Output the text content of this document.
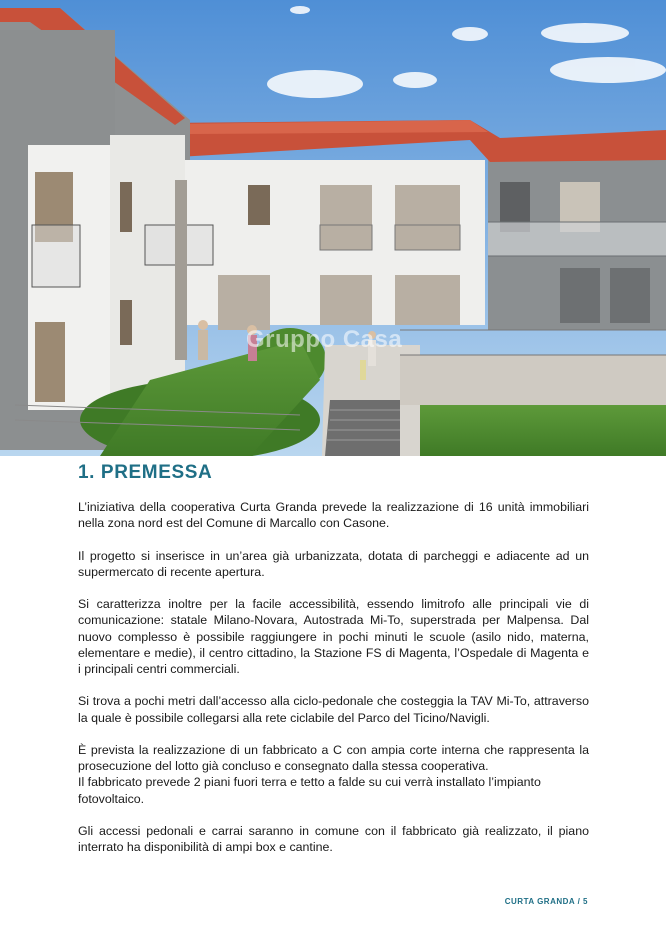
Gruppo Casa
1. PREMESSA

L’iniziativa della cooperativa Curta Granda prevede la realizzazione di 16 unità immobiliari nella zona nord est del Comune di Marcallo con Casone.

Il progetto si inserisce in un’area già urbanizzata, dotata di parcheggi e adiacente ad un supermercato di recente apertura.

Si caratterizza inoltre per la facile accessibilità, essendo limitrofo alle principali vie di comunicazione: statale Milano-Novara, Autostrada Mi-To, superstrada per Malpensa. Dal nuovo complesso è possibile raggiungere in pochi minuti le scuole (asilo nido, materna, elementare e medie), il centro cittadino, la Stazione FS di Magenta, l’Ospedale di Magenta e i principali centri commerciali.

Si trova a pochi metri dall’accesso alla ciclo-pedonale che costeggia la TAV Mi-To, attraverso la quale è possibile collegarsi alla rete ciclabile del Parco del Ticino/Navigli.

È prevista la realizzazione di un fabbricato a C con ampia corte interna che rappresenta la prosecuzione del lotto già concluso e consegnato dalla stessa cooperativa.

Il fabbricato prevede 2 piani fuori terra e tetto a falde su cui verrà installato l’impianto fotovoltaico.

Gli accessi pedonali e carrai saranno in comune con il fabbricato già realizzato, il piano interrato ha disponibilità di ampi box e cantine.

CURTA GRANDA / 5
